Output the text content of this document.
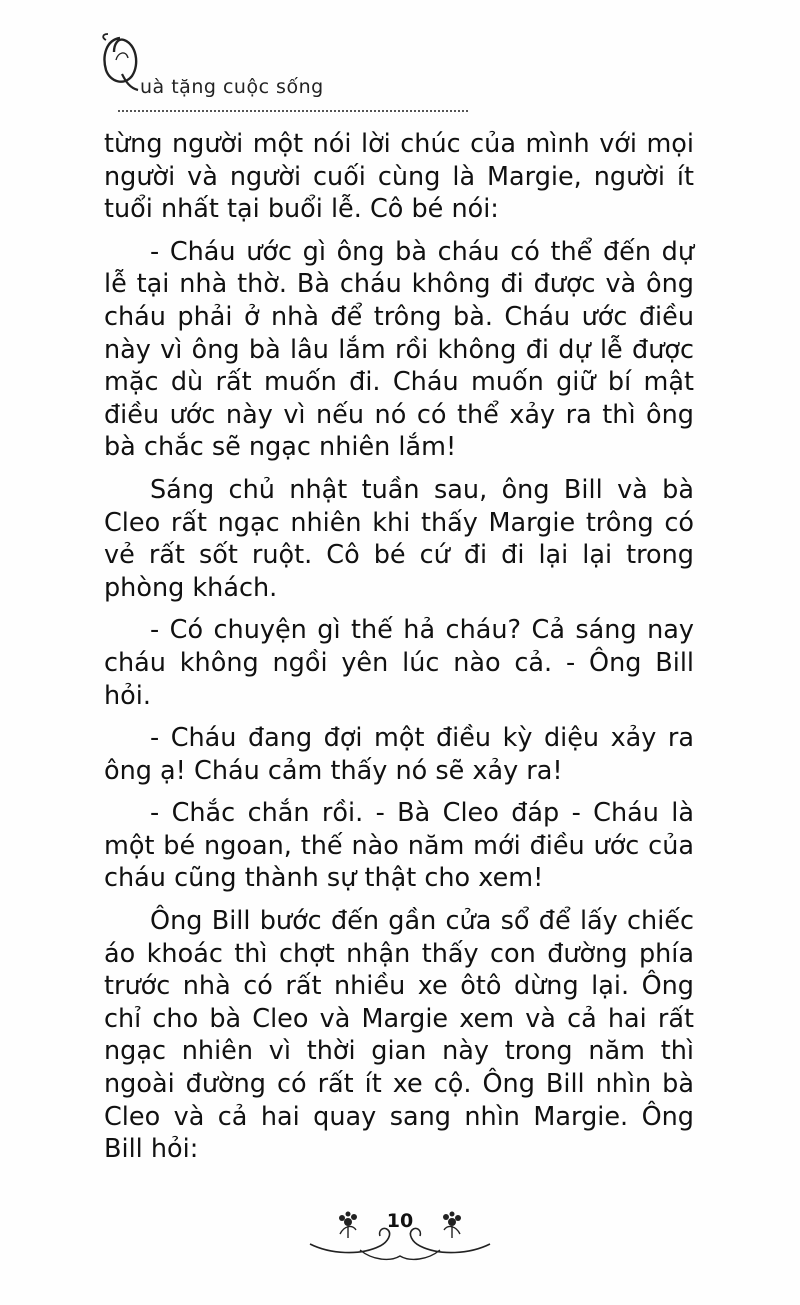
uà tặng cuộc sống

từng người một nói lời chúc của mình với mọi người và người cuối cùng là Margie, người ít tuổi nhất tại buổi lễ. Cô bé nói:

- Cháu ước gì ông bà cháu có thể đến dự lễ tại nhà thờ. Bà cháu không đi được và ông cháu phải ở nhà để trông bà. Cháu ước điều này vì ông bà lâu lắm rồi không đi dự lễ được mặc dù rất muốn đi. Cháu muốn giữ bí mật điều ước này vì nếu nó có thể xảy ra thì ông bà chắc sẽ ngạc nhiên lắm!

Sáng chủ nhật tuần sau, ông Bill và bà Cleo rất ngạc nhiên khi thấy Margie trông có vẻ rất sốt ruột. Cô bé cứ đi đi lại lại trong phòng khách.

- Có chuyện gì thế hả cháu? Cả sáng nay cháu không ngồi yên lúc nào cả. - Ông Bill hỏi.

- Cháu đang đợi một điều kỳ diệu xảy ra ông ạ! Cháu cảm thấy nó sẽ xảy ra!

- Chắc chắn rồi. - Bà Cleo đáp - Cháu là một bé ngoan, thế nào năm mới điều ước của cháu cũng thành sự thật cho xem!

Ông Bill bước đến gần cửa sổ để lấy chiếc áo khoác thì chợt nhận thấy con đường phía trước nhà có rất nhiều xe ôtô dừng lại. Ông chỉ cho bà Cleo và Margie xem và cả hai rất ngạc nhiên vì thời gian này trong năm thì ngoài đường có rất ít xe cộ. Ông Bill nhìn bà Cleo và cả hai quay sang nhìn Margie. Ông Bill hỏi:

10
